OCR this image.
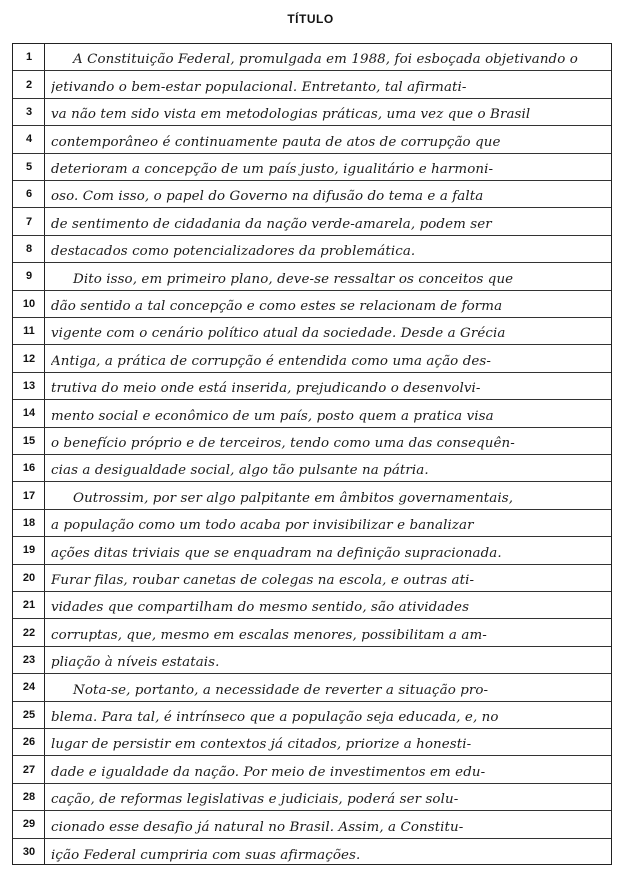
TÍTULO
1	A Constituição Federal, promulgada em 1988, foi esboçada objetivando o
2	jetivando o bem-estar populacional. Entretanto, tal afirmati-
3	va não tem sido vista em metodologias práticas, uma vez que o Brasil
4	contemporâneo é continuamente pauta de atos de corrupção que
5	deterioram a concepção de um país justo, igualitário e harmoni-
6	oso. Com isso, o papel do Governo na difusão do tema e a falta
7	de sentimento de cidadania da nação verde-amarela, podem ser
8	destacados como potencializadores da problemática.
9	Dito isso, em primeiro plano, deve-se ressaltar os conceitos que
10	dão sentido a tal concepção e como estes se relacionam de forma
11	vigente com o cenário político atual da sociedade. Desde a Grécia
12	Antiga, a prática de corrupção é entendida como uma ação des-
13	trutiva do meio onde está inserida, prejudicando o desenvolvi-
14	mento social e econômico de um país, posto quem a pratica visa
15	o benefício próprio e de terceiros, tendo como uma das consequên-
16	cias a desigualdade social, algo tão pulsante na pátria.
17	Outrossim, por ser algo palpitante em âmbitos governamentais,
18	a população como um todo acaba por invisibilizar e banalizar
19	ações ditas triviais que se enquadram na definição supracionada.
20	Furar filas, roubar canetas de colegas na escola, e outras ati-
21	vidades que compartilham do mesmo sentido, são atividades
22	corruptas, que, mesmo em escalas menores, possibilitam a am-
23	pliação à níveis estatais.
24	Nota-se, portanto, a necessidade de reverter a situação pro-
25	blema. Para tal, é intrínseco que a população seja educada, e, no
26	lugar de persistir em contextos já citados, priorize a honesti-
27	dade e igualdade da nação. Por meio de investimentos em edu-
28	cação, de reformas legislativas e judiciais, poderá ser solu-
29	cionado esse desafio já natural no Brasil. Assim, a Constitu-
30	ição Federal cumpriria com suas afirmações.
